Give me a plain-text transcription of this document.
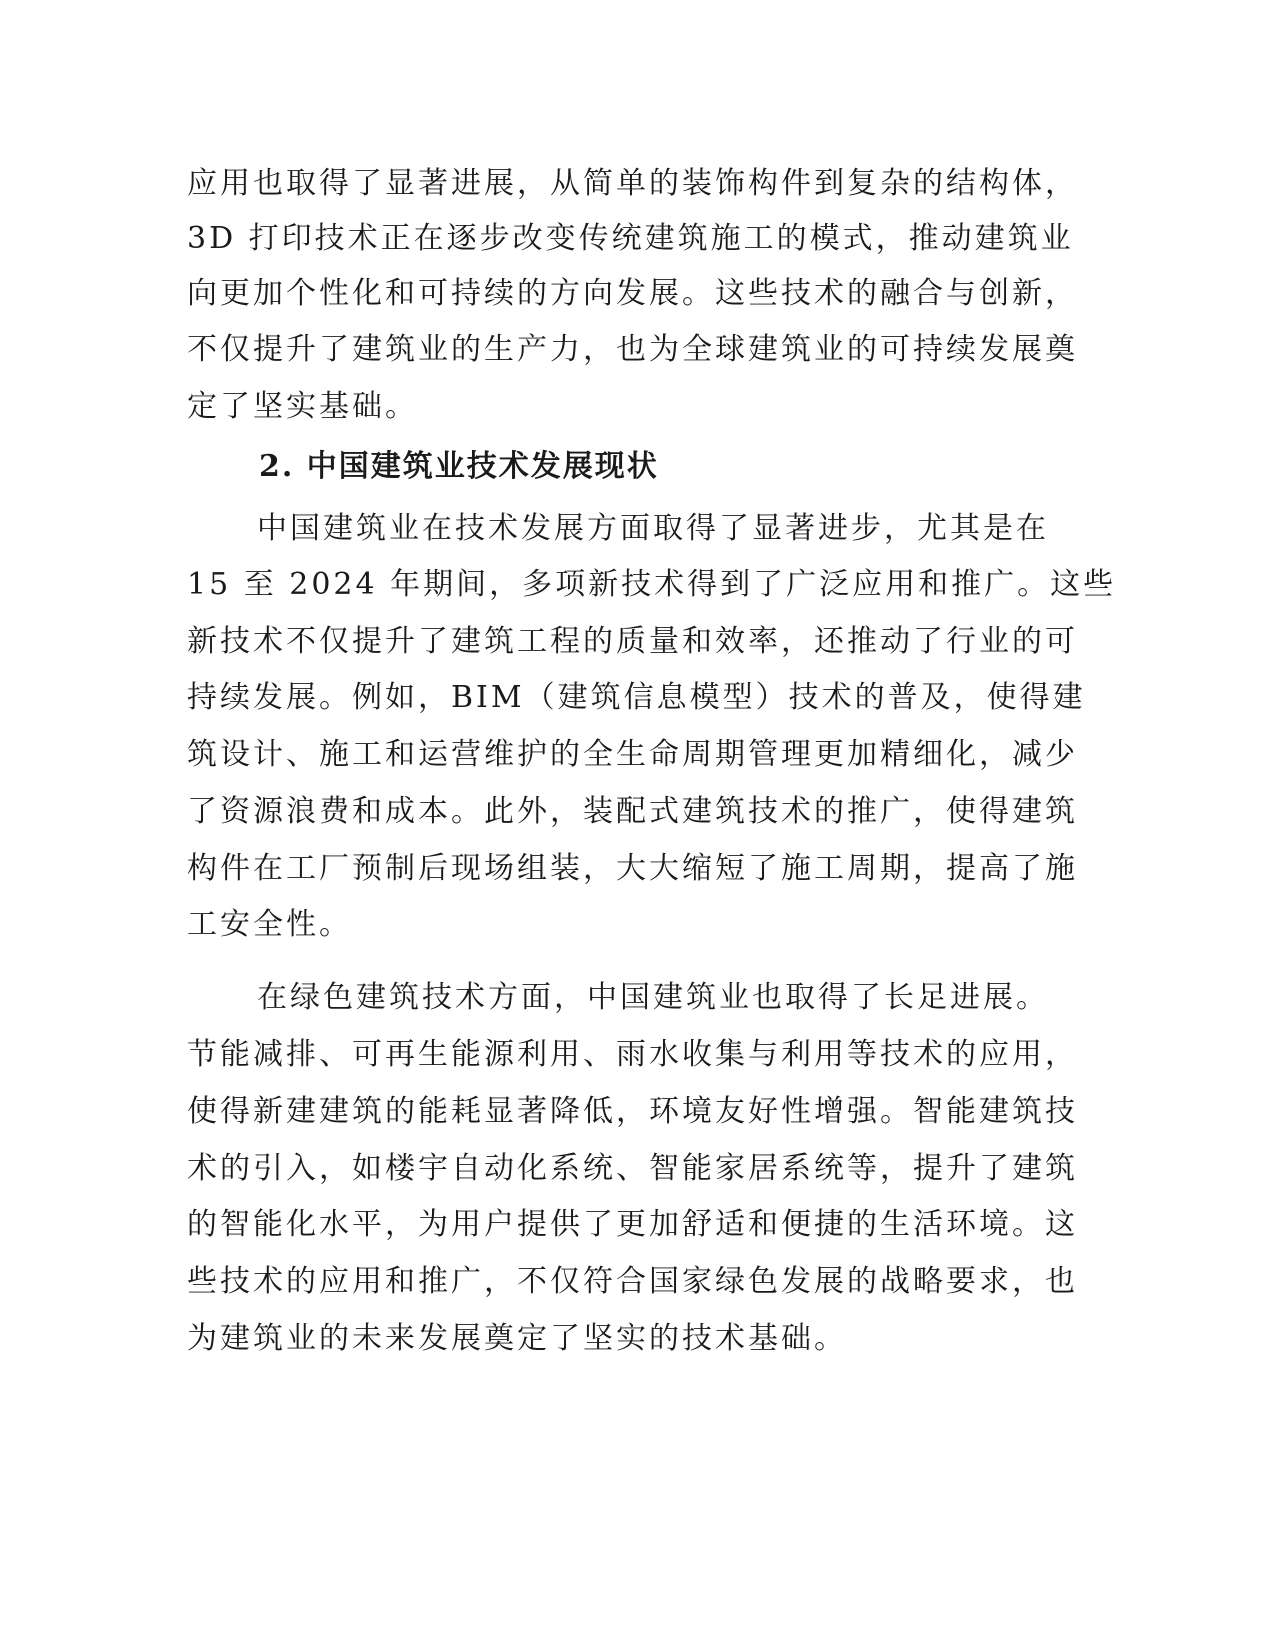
应用也取得了显著进展，从简单的装饰构件到复杂的结构体，
3D 打印技术正在逐步改变传统建筑施工的模式，推动建筑业
向更加个性化和可持续的方向发展。这些技术的融合与创新，
不仅提升了建筑业的生产力，也为全球建筑业的可持续发展奠
定了坚实基础。
2. 中国建筑业技术发展现状
中国建筑业在技术发展方面取得了显著进步，尤其是在
15 至 2024 年期间，多项新技术得到了广泛应用和推广。这些
新技术不仅提升了建筑工程的质量和效率，还推动了行业的可
持续发展。例如，BIM（建筑信息模型）技术的普及，使得建
筑设计、施工和运营维护的全生命周期管理更加精细化，减少
了资源浪费和成本。此外，装配式建筑技术的推广，使得建筑
构件在工厂预制后现场组装，大大缩短了施工周期，提高了施
工安全性。
在绿色建筑技术方面，中国建筑业也取得了长足进展。
节能减排、可再生能源利用、雨水收集与利用等技术的应用，
使得新建建筑的能耗显著降低，环境友好性增强。智能建筑技
术的引入，如楼宇自动化系统、智能家居系统等，提升了建筑
的智能化水平，为用户提供了更加舒适和便捷的生活环境。这
些技术的应用和推广，不仅符合国家绿色发展的战略要求，也
为建筑业的未来发展奠定了坚实的技术基础。
